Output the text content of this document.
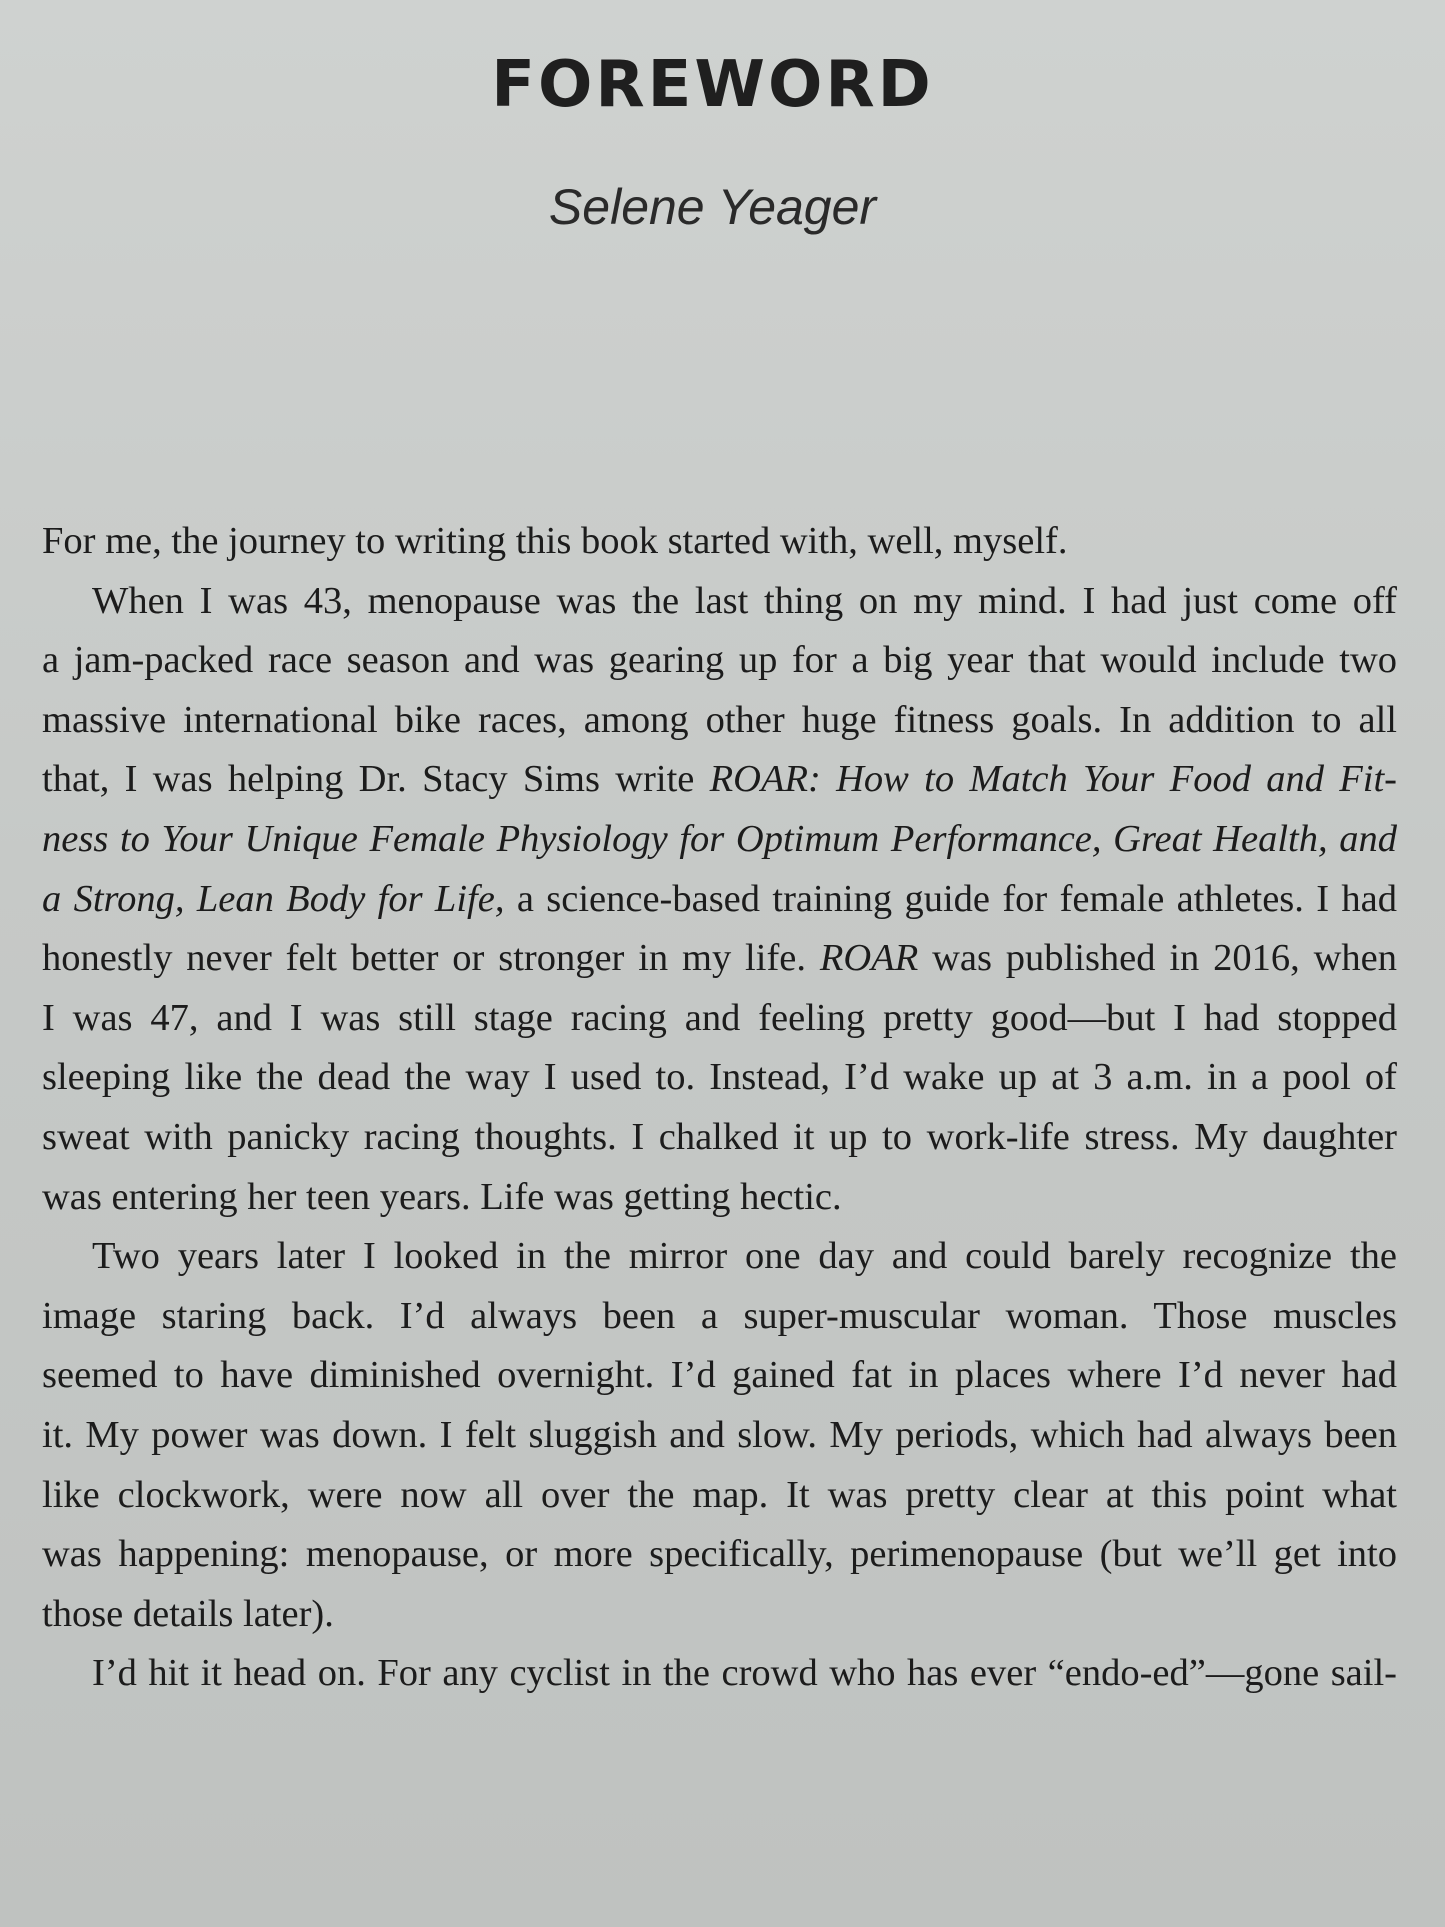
FOREWORD

Selene Yeager

For me, the journey to writing this book started with, well, myself.
When I was 43, menopause was the last thing on my mind. I had just come off
a jam-packed race season and was gearing up for a big year that would include two
massive international bike races, among other huge fitness goals. In addition to all
that, I was helping Dr. Stacy Sims write ROAR: How to Match Your Food and Fit-
ness to Your Unique Female Physiology for Optimum Performance, Great Health, and
a Strong, Lean Body for Life, a science-based training guide for female athletes. I had
honestly never felt better or stronger in my life. ROAR was published in 2016, when
I was 47, and I was still stage racing and feeling pretty good—but I had stopped
sleeping like the dead the way I used to. Instead, I’d wake up at 3 a.m. in a pool of
sweat with panicky racing thoughts. I chalked it up to work-life stress. My daughter
was entering her teen years. Life was getting hectic.
Two years later I looked in the mirror one day and could barely recognize the
image staring back. I’d always been a super-muscular woman. Those muscles
seemed to have diminished overnight. I’d gained fat in places where I’d never had
it. My power was down. I felt sluggish and slow. My periods, which had always been
like clockwork, were now all over the map. It was pretty clear at this point what
was happening: menopause, or more specifically, perimenopause (but we’ll get into
those details later).
I’d hit it head on. For any cyclist in the crowd who has ever “endo-ed”—gone sail-
